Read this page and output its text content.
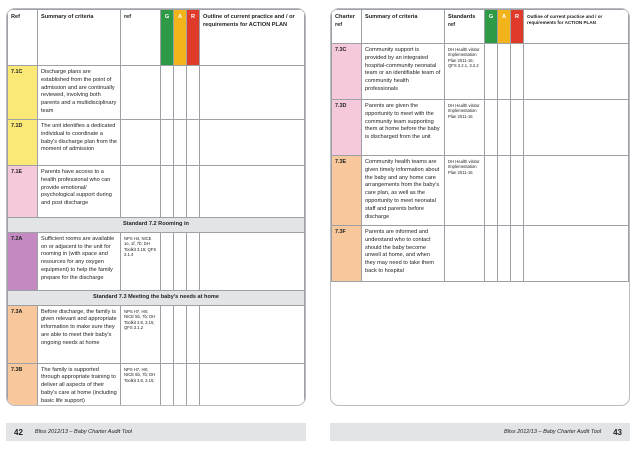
Ref	Summary of criteria	ref	G	A	R	Outline of current practice and / or requirements for ACTION PLAN
7.1C	Discharge plans are established from the point of admission and are continually reviewed, involving both parents and a multidisciplinary team					
7.1D	The unit identifies a dedicated individual to coordinate a baby's discharge plan from the moment of admission					
7.1E	Parents have access to a health professional who can provide emotional/ psychological support during and post discharge					
Standard 7.2 Rooming in						
7.2A	Sufficient rooms are available on or adjacent to the unit for rooming in (with space and resources for any oxygen equipment) to help the family prepare for the discharge	NPS H4, NICE 1e, 1f, 7b; DH Toolkit 3.15; QFS 3.1.4				
Standard 7.3 Meeting the baby's needs at home						
7.3A	Before discharge, the family is given relevant and appropriate information to make sure they are able to meet their baby's ongoing needs at home	NPS H7, H8; NICE 5b, 7b; DH Toolkit 3.8, 3.15; QFS 3.1.2				
7.3B	The family is supported through appropriate training to deliver all aspects of their baby's care at home (including basic life support)	NPS H7, H8; NICE 5b, 7b; DH Toolkit 3.8, 3.15;				
Charter ref	Summary of criteria	Standards ref	G	A	R	Outline of current practice and / or requirements for ACTION PLAN
7.3C	Community support is provided by an integrated hospital-community neonatal team or an identifiable team of community health professionals	DH Health visitor Implementation Plan 2011-15; QFS 3.2.1, 3.2.2				
7.3D	Parents are given the opportunity to meet with the community team supporting them at home before the baby is discharged from the unit	DH Health visitor Implementation Plan 2011-15				
7.3E	Community health teams are given timely information about the baby and any home care arrangements from the baby's care plan, as well as the opportunity to meet neonatal staff and parents before discharge	DH Health visitor Implementation Plan 2011-15				
7.3F	Parents are informed and understand who to contact should the baby become unwell at home, and when they may need to take them back to hospital					
42	Bliss 2012/13 – Baby Charter Audit Tool	Bliss 2012/13 – Baby Charter Audit Tool	43
